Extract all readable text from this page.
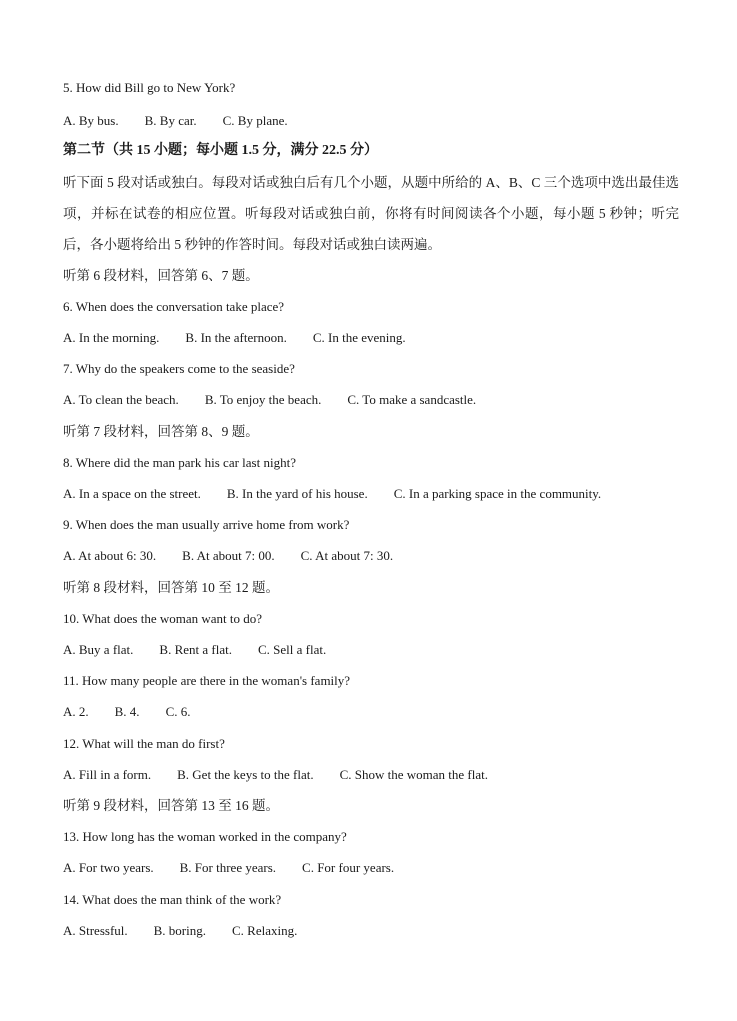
5. How did Bill go to New York?
A. By bus. B. By car. C. By plane.
第二节（共 15 小题；每小题 1.5 分，满分 22.5 分）
听下面 5 段对话或独白。每段对话或独白后有几个小题，从题中所给的 A、B、C 三个选项中选出最佳选项，并标在试卷的相应位置。听每段对话或独白前，你将有时间阅读各个小题，每小题 5 秒钟；听完后，各小题将给出 5 秒钟的作答时间。每段对话或独白读两遍。
听第 6 段材料，回答第 6、7 题。
6. When does the conversation take place?
A. In the morning. B. In the afternoon. C. In the evening.
7. Why do the speakers come to the seaside?
A. To clean the beach. B. To enjoy the beach. C. To make a sandcastle.
听第 7 段材料，回答第 8、9 题。
8. Where did the man park his car last night?
A. In a space on the street. B. In the yard of his house. C. In a parking space in the community.
9. When does the man usually arrive home from work?
A. At about 6: 30. B. At about 7: 00. C. At about 7: 30.
听第 8 段材料，回答第 10 至 12 题。
10. What does the woman want to do?
A. Buy a flat. B. Rent a flat. C. Sell a flat.
11. How many people are there in the woman's family?
A. 2. B. 4. C. 6.
12. What will the man do first?
A. Fill in a form. B. Get the keys to the flat. C. Show the woman the flat.
听第 9 段材料，回答第 13 至 16 题。
13. How long has the woman worked in the company?
A. For two years. B. For three years. C. For four years.
14. What does the man think of the work?
A. Stressful. B. boring. C. Relaxing.
